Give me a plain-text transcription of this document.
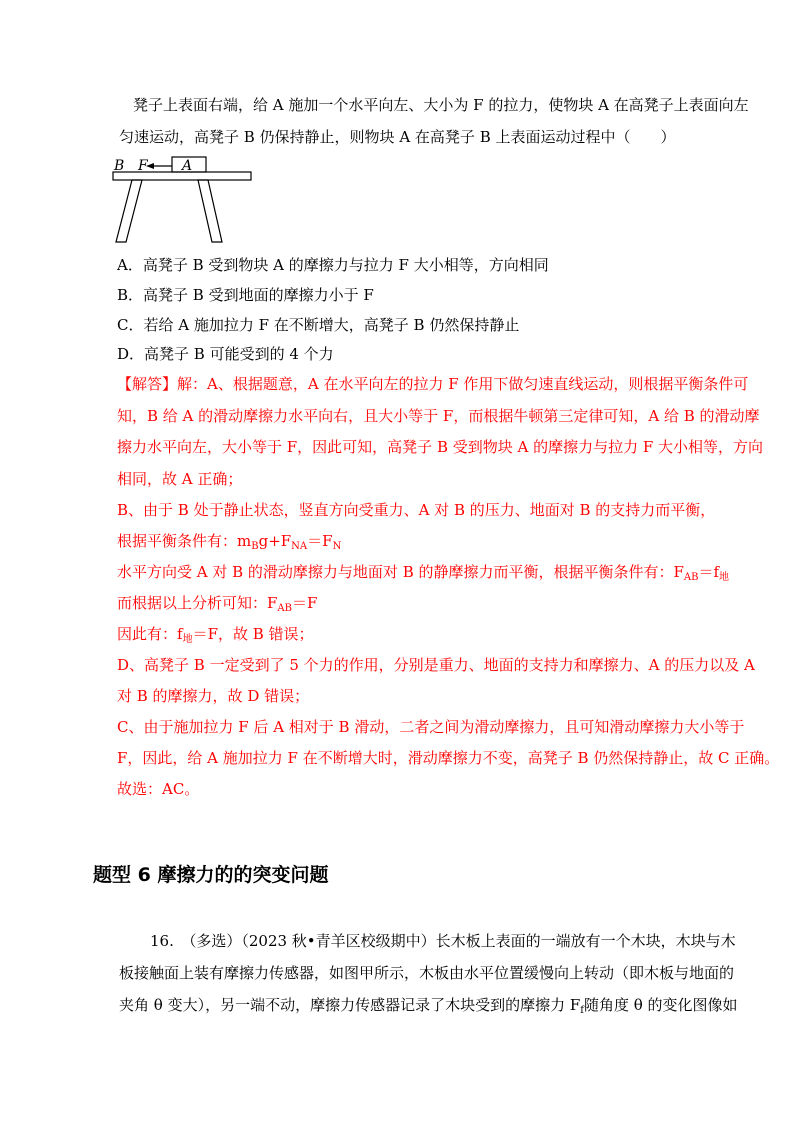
凳子上表面右端，给 A 施加一个水平向左、大小为 F 的拉力，使物块 A 在高凳子上表面向左
匀速运动，高凳子 B 仍保持静止，则物块 A 在高凳子 B 上表面运动过程中（　　）
B F A
A．高凳子 B 受到物块 A 的摩擦力与拉力 F 大小相等，方向相同
B．高凳子 B 受到地面的摩擦力小于 F
C．若给 A 施加拉力 F 在不断增大，高凳子 B 仍然保持静止
D．高凳子 B 可能受到的 4 个力
【解答】解：A、根据题意，A 在水平向左的拉力 F 作用下做匀速直线运动，则根据平衡条件可
知，B 给 A 的滑动摩擦力水平向右，且大小等于 F，而根据牛顿第三定律可知，A 给 B 的滑动摩
擦力水平向左，大小等于 F，因此可知，高凳子 B 受到物块 A 的摩擦力与拉力 F 大小相等，方向
相同，故 A 正确；
B、由于 B 处于静止状态，竖直方向受重力、A 对 B 的压力、地面对 B 的支持力而平衡，
根据平衡条件有：$m_Bg+F_{NA}=F_N$
水平方向受 A 对 B 的滑动摩擦力与地面对 B 的静摩擦力而平衡，根据平衡条件有：$F_{AB}=f_地$
而根据以上分析可知：$F_{AB}=F$
因此有：$f_地=F$，故 B 错误；
D、高凳子 B 一定受到了 5 个力的作用，分别是重力、地面的支持力和摩擦力、A 的压力以及 A
对 B 的摩擦力，故 D 错误；
C、由于施加拉力 F 后 A 相对于 B 滑动，二者之间为滑动摩擦力，且可知滑动摩擦力大小等于
F，因此，给 A 施加拉力 F 在不断增大时，滑动摩擦力不变，高凳子 B 仍然保持静止，故 C 正确。
故选：AC。
题型 6 摩擦力的的突变问题
16.　（多选）（2023 秋•青羊区校级期中）长木板上表面的一端放有一个木块，木块与木
板接触面上装有摩擦力传感器，如图甲所示，木板由水平位置缓慢向上转动（即木板与地面的
夹角 θ 变大），另一端不动，摩擦力传感器记录了木块受到的摩擦力 $F_f$随角度 θ 的变化图像如
